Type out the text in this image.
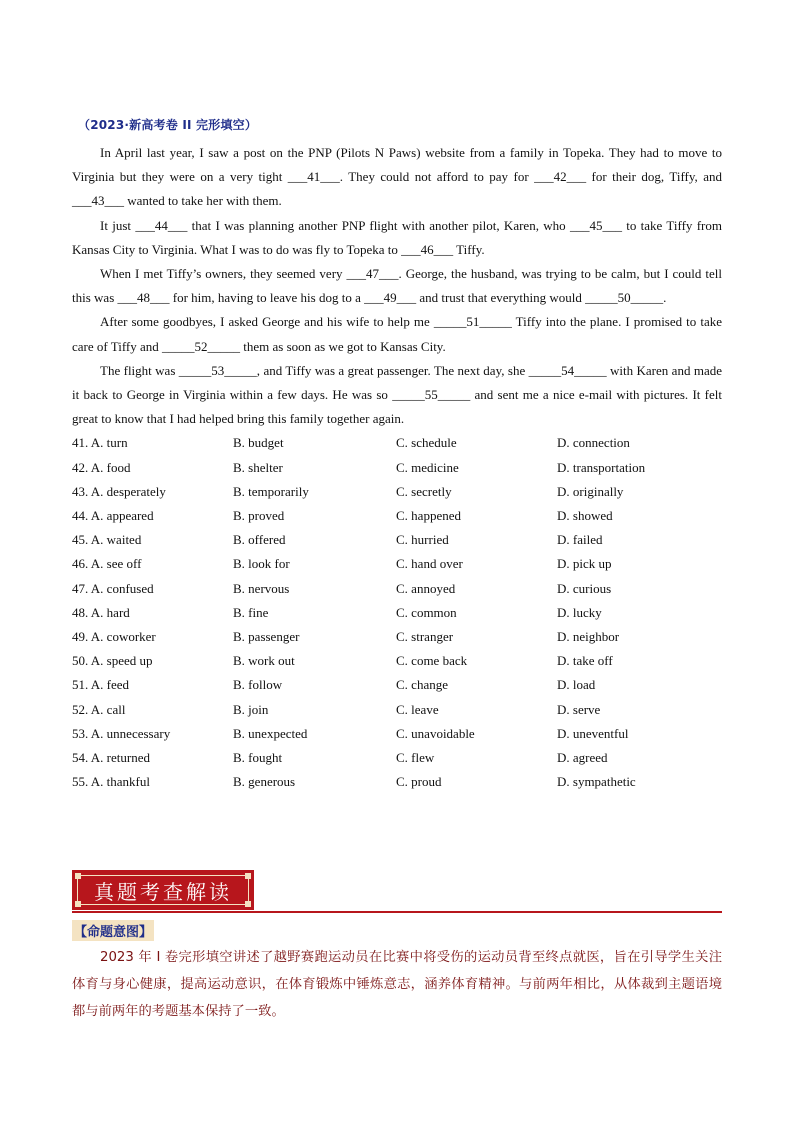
（2023·新高考卷 II 完形填空）

In April last year, I saw a post on the PNP (Pilots N Paws) website from a family in Topeka. They had to move to Virginia but they were on a very tight ___41___. They could not afford to pay for ___42___ for their dog, Tiffy, and ___43___ wanted to take her with them.

It just ___44___ that I was planning another PNP flight with another pilot, Karen, who ___45___ to take Tiffy from Kansas City to Virginia. What I was to do was fly to Topeka to ___46___ Tiffy.

When I met Tiffy’s owners, they seemed very ___47___. George, the husband, was trying to be calm, but I could tell this was ___48___ for him, having to leave his dog to a ___49___ and trust that everything would _____50_____.

After some goodbyes, I asked George and his wife to help me _____51_____ Tiffy into the plane. I promised to take care of Tiffy and _____52_____ them as soon as we got to Kansas City.

The flight was _____53_____, and Tiffy was a great passenger. The next day, she _____54_____ with Karen and made it back to George in Virginia within a few days. He was so _____55_____ and sent me a nice e-mail with pictures. It felt great to know that I had helped bring this family together again.

41. A. turn	B. budget	C. schedule	D. connection
42. A. food	B. shelter	C. medicine	D. transportation
43. A. desperately	B. temporarily	C. secretly	D. originally
44. A. appeared	B. proved	C. happened	D. showed
45. A. waited	B. offered	C. hurried	D. failed
46. A. see off	B. look for	C. hand over	D. pick up
47. A. confused	B. nervous	C. annoyed	D. curious
48. A. hard	B. fine	C. common	D. lucky
49. A. coworker	B. passenger	C. stranger	D. neighbor
50. A. speed up	B. work out	C. come back	D. take off
51. A. feed	B. follow	C. change	D. load
52. A. call	B. join	C. leave	D. serve
53. A. unnecessary	B. unexpected	C. unavoidable	D. uneventful
54. A. returned	B. fought	C. flew	D. agreed
55. A. thankful	B. generous	C. proud	D. sympathetic
真题考查解读
【命题意图】

2023 年 I 卷完形填空讲述了越野赛跑运动员在比赛中将受伤的运动员背至终点就医，旨在引导学生关注体育与身心健康，提高运动意识，在体育锻炼中锤炼意志，涵养体育精神。与前两年相比，从体裁到主题语境都与前两年的考题基本保持了一致。
